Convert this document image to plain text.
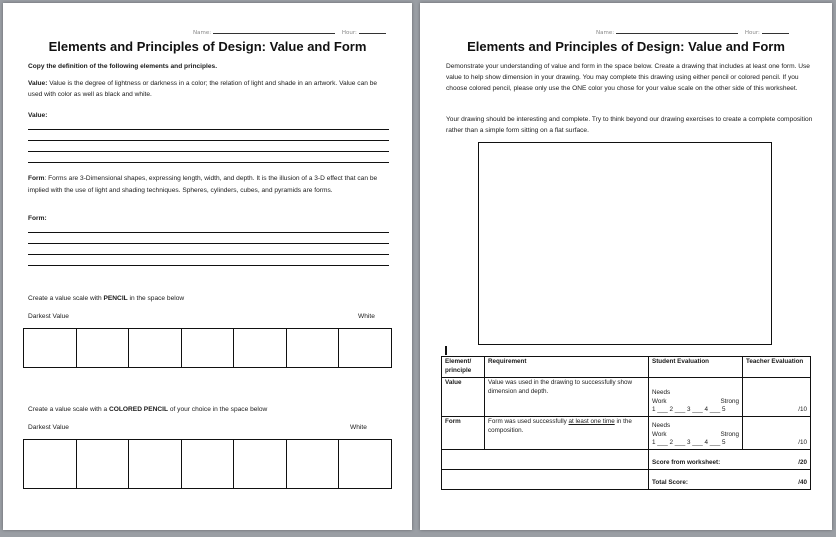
Name:	Hour:
Elements and Principles of Design: Value and Form
Copy the definition of the following elements and principles.
Value: Value is the degree of lightness or darkness in a color; the relation of light and shade in an artwork. Value can be used with color as well as black and white.
Value:
Form: Forms are 3-Dimensional shapes, expressing length, width, and depth. It is the illusion of a 3-D effect that can be implied with the use of light and shading techniques. Spheres, cylinders, cubes, and pyramids are forms.
Form:
Create a value scale with PENCIL in the space below
Darkest Value	White
Create a value scale with a COLORED PENCIL of your choice in the space below
Darkest Value	White
Name:	Hour:
Elements and Principles of Design: Value and Form
Demonstrate your understanding of value and form in the space below. Create a drawing that includes at least one form. Use value to help show dimension in your drawing. You may complete this drawing using either pencil or colored pencil. If you choose colored pencil, please only use the ONE color you chose for your value scale on the other side of this worksheet.
Your drawing should be interesting and complete. Try to think beyond our drawing exercises to create a complete composition rather than a simple form sitting on a flat surface.
Element/ principle	Requirement	Student Evaluation	Teacher Evaluation
Value	Value was used in the drawing to successfully show dimension and depth.	Needs
Work Strong
1 ___ 2 ___ 3 ___ 4 ___ 5	/10
Form	Form was used successfully at least one time in the composition.	Needs
Work Strong
1 ___ 2 ___ 3 ___ 4 ___ 5	/10

		Score from worksheet: /20	

		Total Score: /40	
